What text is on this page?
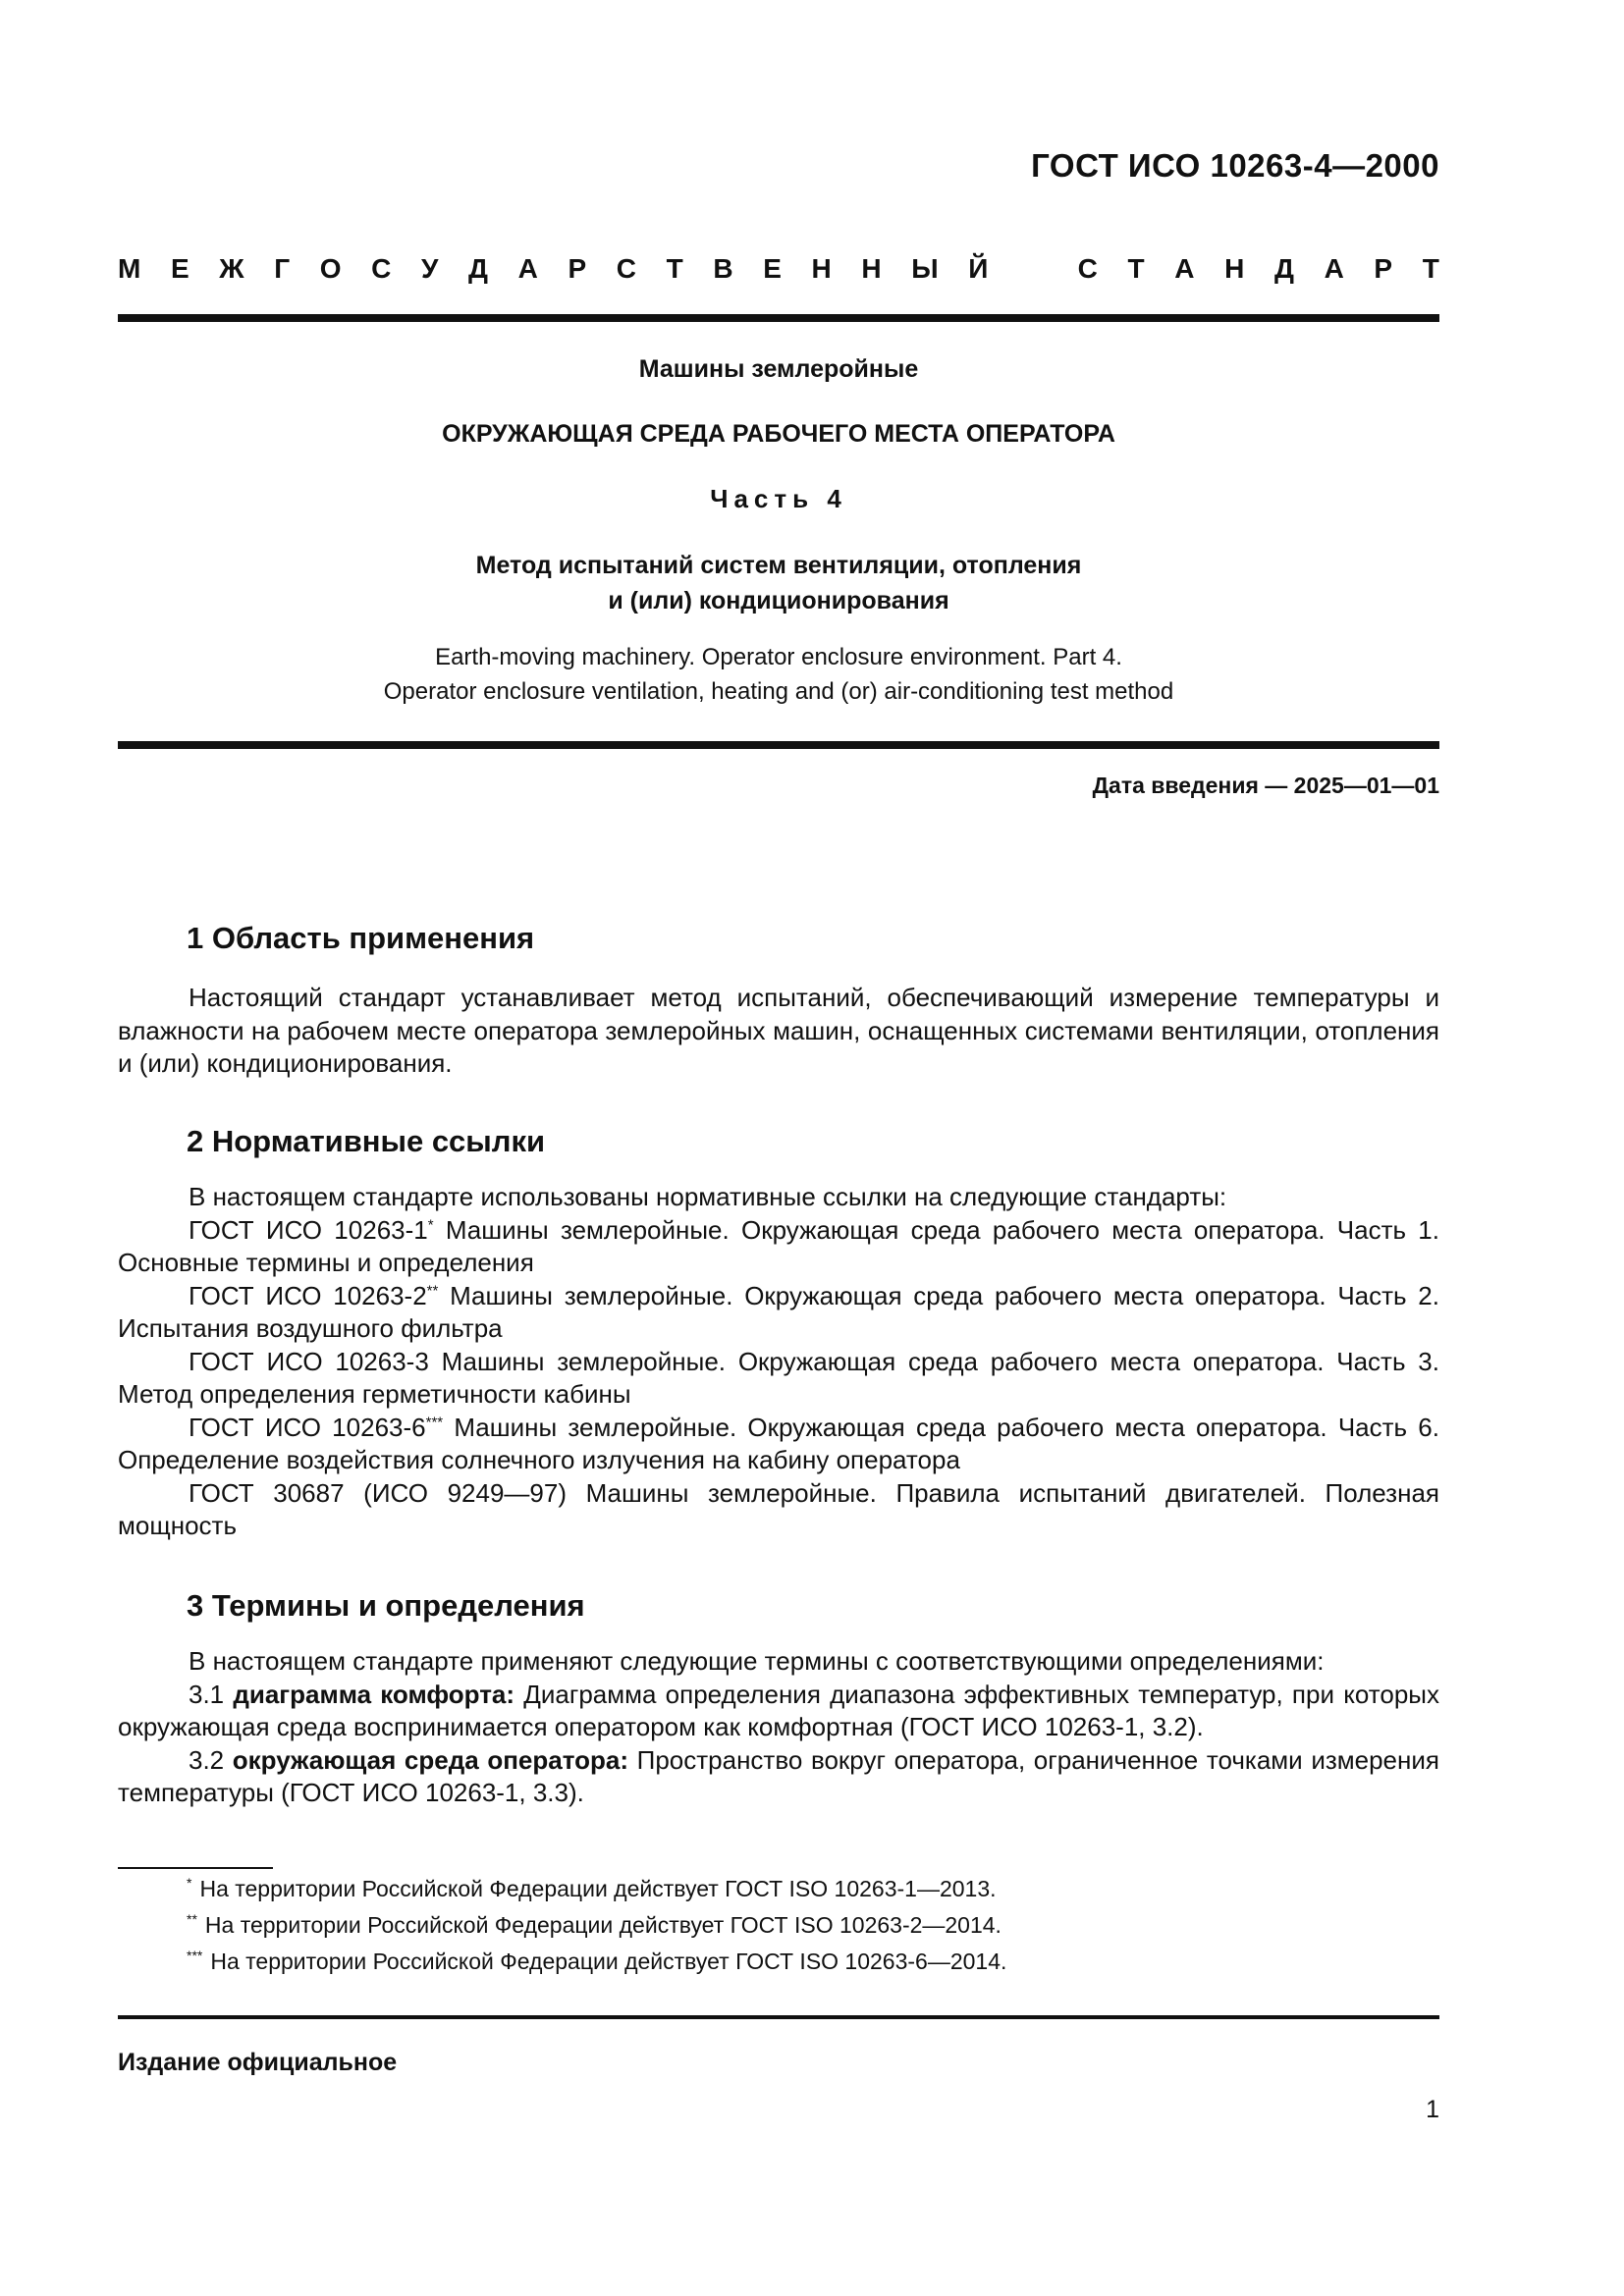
ГОСТ ИСО 10263-4—2000
М Е Ж Г О С У Д А Р С Т В Е Н Н Ы Й	С Т А Н Д А Р Т
Машины землеройные
ОКРУЖАЮЩАЯ СРЕДА РАБОЧЕГО МЕСТА ОПЕРАТОРА
Часть 4
Метод испытаний систем вентиляции, отопления
и (или) кондиционирования
Earth-moving machinery. Operator enclosure environment. Part 4.
Operator enclosure ventilation, heating and (or) air-conditioning test method
Дата введения — 2025—01—01
1 Область применения

Настоящий стандарт устанавливает метод испытаний, обеспечивающий измерение температуры и влажности на рабочем месте оператора землеройных машин, оснащенных системами вентиляции, отопления и (или) кондиционирования.

2 Нормативные ссылки

В настоящем стандарте использованы нормативные ссылки на следующие стандарты:

ГОСТ ИСО 10263-1* Машины землеройные. Окружающая среда рабочего места оператора. Часть 1. Основные термины и определения

ГОСТ ИСО 10263-2** Машины землеройные. Окружающая среда рабочего места оператора. Часть 2. Испытания воздушного фильтра

ГОСТ ИСО 10263-3 Машины землеройные. Окружающая среда рабочего места оператора. Часть 3. Метод определения герметичности кабины

ГОСТ ИСО 10263-6*** Машины землеройные. Окружающая среда рабочего места оператора. Часть 6. Определение воздействия солнечного излучения на кабину оператора

ГОСТ 30687 (ИСО 9249—97) Машины землеройные. Правила испытаний двигателей. Полезная мощность

3 Термины и определения

В настоящем стандарте применяют следующие термины с соответствующими определениями:

3.1 диаграмма комфорта: Диаграмма определения диапазона эффективных температур, при которых окружающая среда воспринимается оператором как комфортная (ГОСТ ИСО 10263-1, 3.2).

3.2 окружающая среда оператора: Пространство вокруг оператора, ограниченное точками измерения температуры (ГОСТ ИСО 10263-1, 3.3).

* На территории Российской Федерации действует ГОСТ ISO 10263-1—2013.
** На территории Российской Федерации действует ГОСТ ISO 10263-2—2014.
*** На территории Российской Федерации действует ГОСТ ISO 10263-6—2014.
Издание официальное
1
